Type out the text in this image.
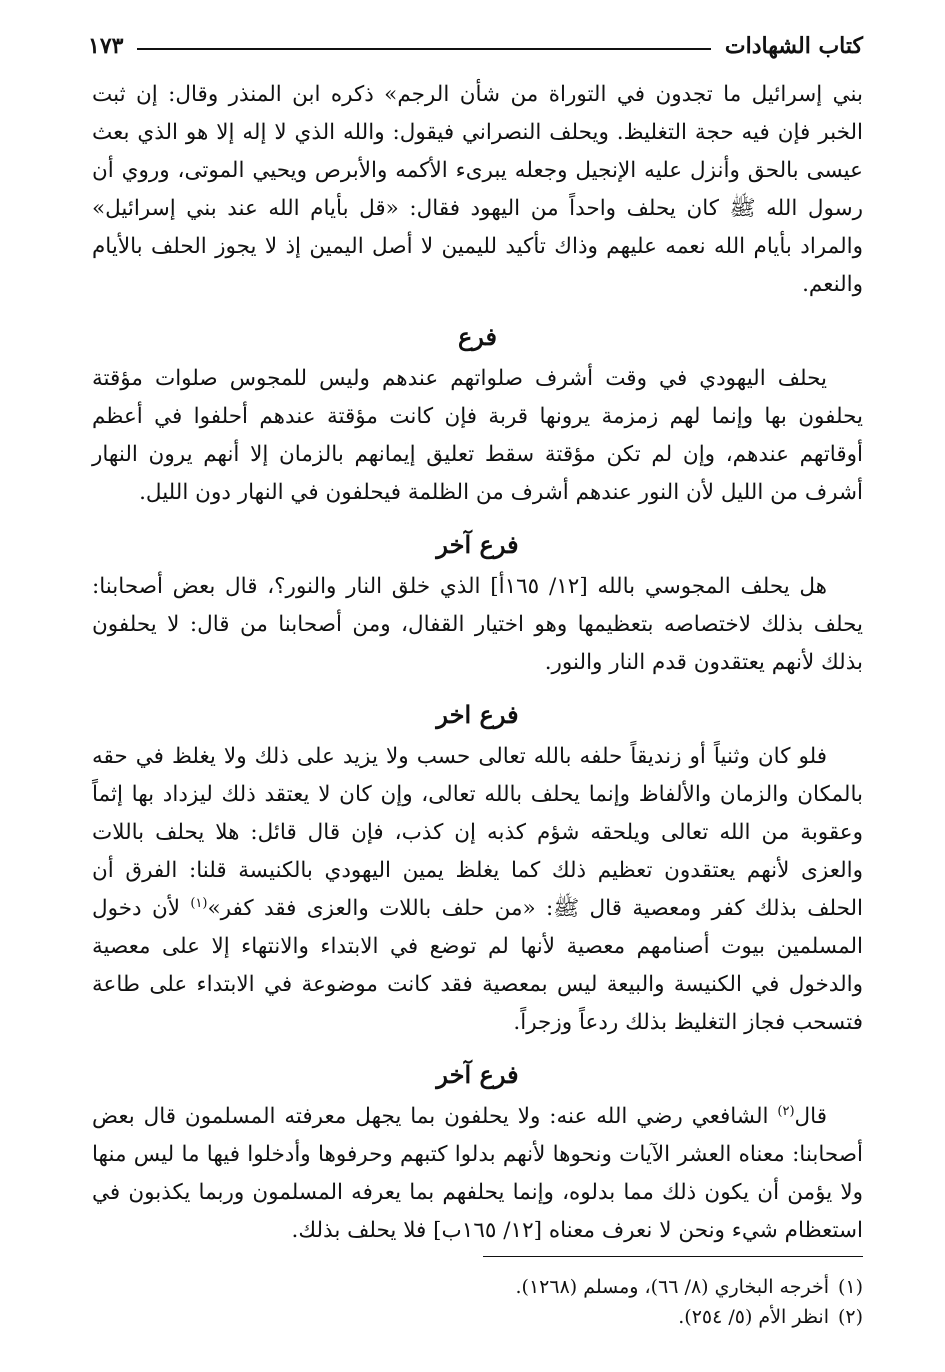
كتاب الشهادات
١٧٣

بني إسرائيل ما تجدون في التوراة من شأن الرجم» ذكره ابن المنذر وقال: إن ثبت الخبر فإن فيه حجة التغليظ. ويحلف النصراني فيقول: والله الذي لا إله إلا هو الذي بعث عيسى بالحق وأنزل عليه الإنجيل وجعله يبرىء الأكمه والأبرص ويحيي الموتى، وروي أن رسول الله ﷺ كان يحلف واحداً من اليهود فقال: «قل بأيام الله عند بني إسرائيل» والمراد بأيام الله نعمه عليهم وذاك تأكيد لليمين لا أصل اليمين إذ لا يجوز الحلف بالأيام والنعم.

فرع

يحلف اليهودي في وقت أشرف صلواتهم عندهم وليس للمجوس صلوات مؤقتة يحلفون بها وإنما لهم زمزمة يرونها قربة فإن كانت مؤقتة عندهم أحلفوا في أعظم أوقاتهم عندهم، وإن لم تكن مؤقتة سقط تعليق إيمانهم بالزمان إلا أنهم يرون النهار أشرف من الليل لأن النور عندهم أشرف من الظلمة فيحلفون في النهار دون الليل.

فرع آخر

هل يحلف المجوسي بالله [١٢/ ١٦٥أ] الذي خلق النار والنور؟، قال بعض أصحابنا: يحلف بذلك لاختصاصه بتعظيمها وهو اختيار القفال، ومن أصحابنا من قال: لا يحلفون بذلك لأنهم يعتقدون قدم النار والنور.

فرع اخر

فلو كان وثنياً أو زنديقاً حلفه بالله تعالى حسب ولا يزيد على ذلك ولا يغلظ في حقه بالمكان والزمان والألفاظ وإنما يحلف بالله تعالى، وإن كان لا يعتقد ذلك ليزداد بها إثماً وعقوبة من الله تعالى ويلحقه شؤم كذبه إن كذب، فإن قال قائل: هلا يحلف باللات والعزى لأنهم يعتقدون تعظيم ذلك كما يغلظ يمين اليهودي بالكنيسة قلنا: الفرق أن الحلف بذلك كفر ومعصية قال ﷺ: «من حلف باللات والعزى فقد كفر»$^{(١)}$ لأن دخول المسلمين بيوت أصنامهم معصية لأنها لم توضع في الابتداء والانتهاء إلا على معصية والدخول في الكنيسة والبيعة ليس بمعصية فقد كانت موضوعة في الابتداء على طاعة فتسحب فجاز التغليظ بذلك ردعاً وزجراً.

فرع آخر

قال$^{(٢)}$ الشافعي رضي الله عنه: ولا يحلفون بما يجهل معرفته المسلمون قال بعض أصحابنا: معناه العشر الآيات ونحوها لأنهم بدلوا كتبهم وحرفوها وأدخلوا فيها ما ليس منها ولا يؤمن أن يكون ذلك مما بدلوه، وإنما يحلفهم بما يعرفه المسلمون وربما يكذبون في استعظام شيء ونحن لا نعرف معناه [١٢/ ١٦٥ب] فلا يحلف بذلك.

(١)أخرجه البخاري (٨/ ٦٦)، ومسلم (١٢٦٨).

(٢)انظر الأم (٥/ ٢٥٤).
